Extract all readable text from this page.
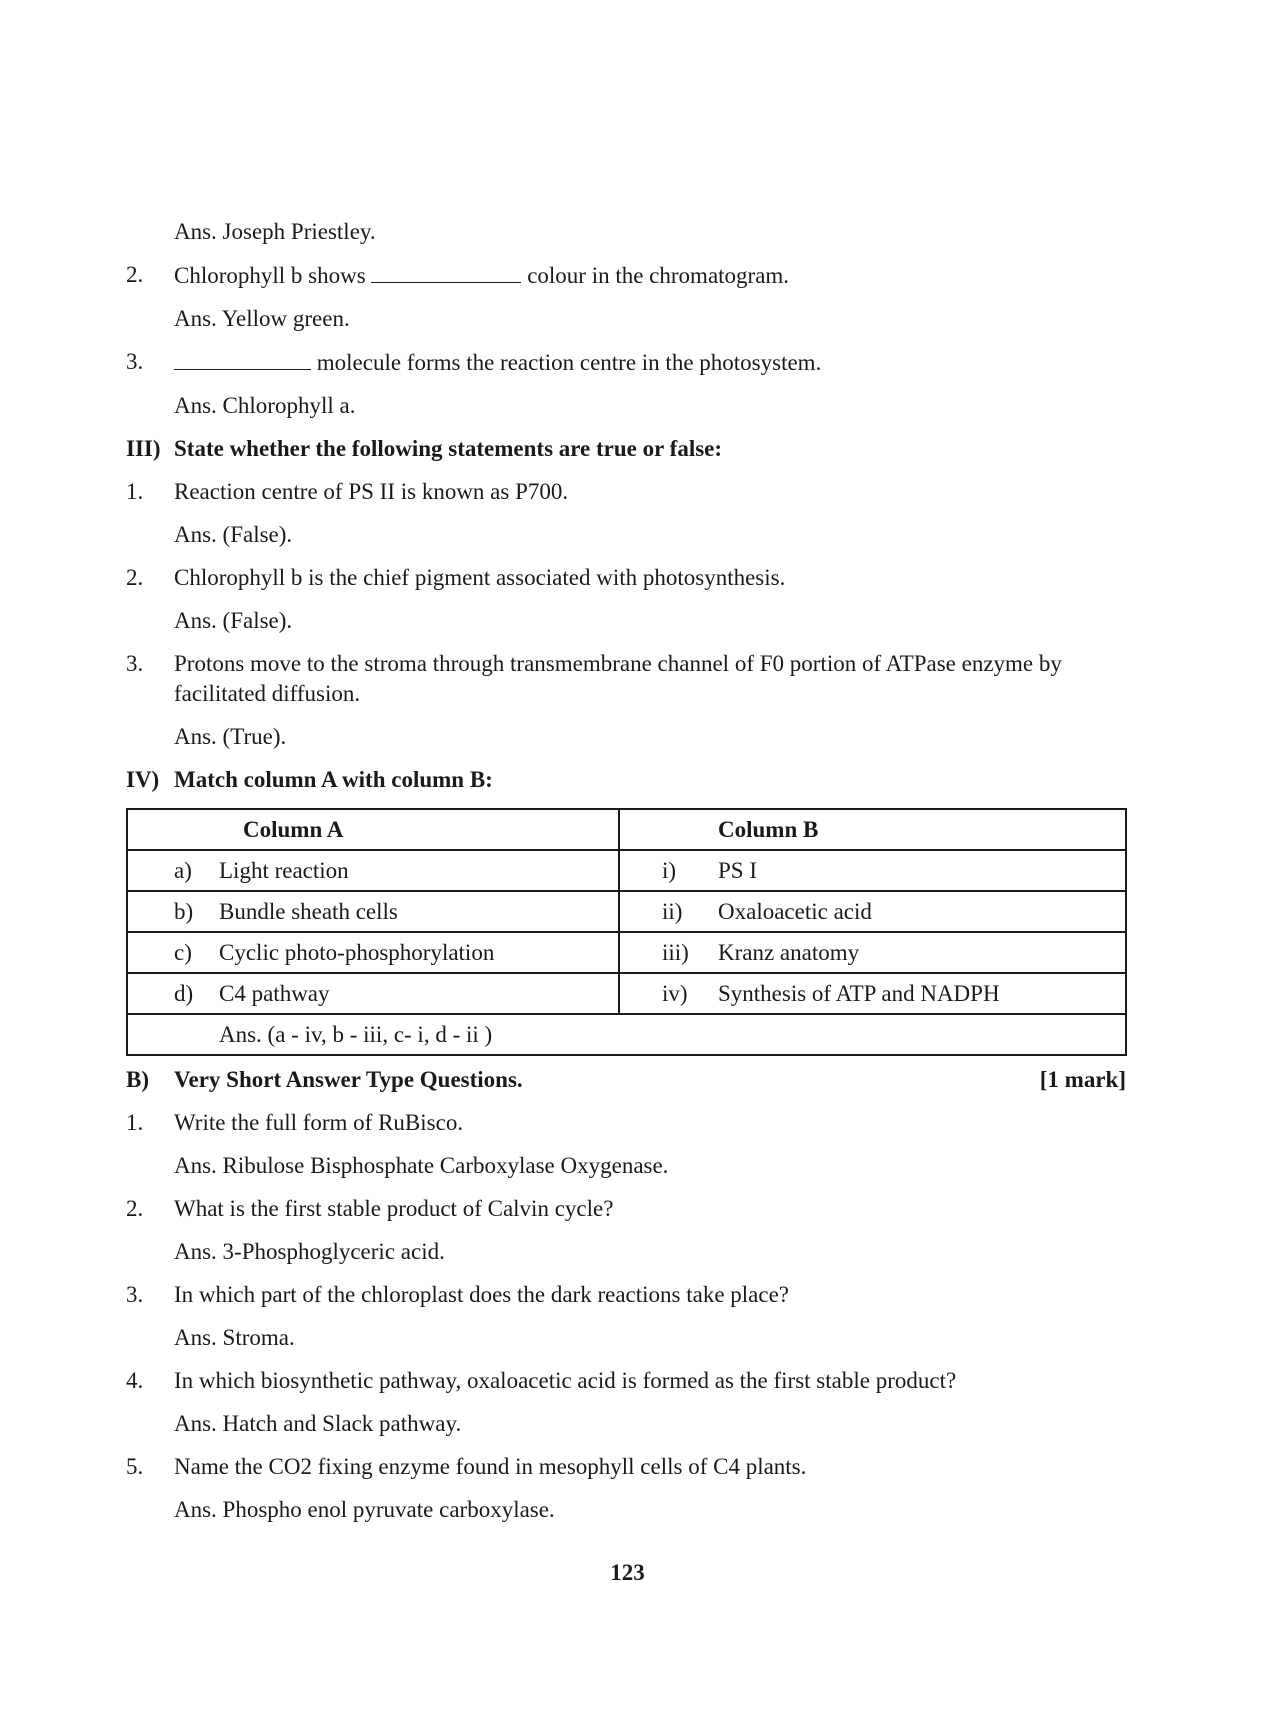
Ans. Joseph Priestley.
2.	Chlorophyll b shows	colour in the chromatogram.
Ans. Yellow green.
3.	molecule forms the reaction centre in the photosystem.
Ans. Chlorophyll a.
III) State whether the following statements are true or false:
1.	Reaction centre of PS II is known as P700.
Ans. (False).
2.	Chlorophyll b is the chief pigment associated with photosynthesis.
Ans. (False).
3.	Protons move to the stroma through transmembrane channel of F0 portion of ATPase enzyme by facilitated diffusion.
Ans. (True).
IV) Match column A with column B:
Column A	Column B

a) Light reaction	i) PS I

b) Bundle sheath cells	ii) Oxaloacetic acid

c) Cyclic photo-phosphorylation	iii) Kranz anatomy

d) C4 pathway	iv) Synthesis of ATP and NADPH

Ans. (a - iv, b - iii, c- i, d - ii )	
B)	Very Short Answer Type Questions.	[1 mark]
1.	Write the full form of RuBisco.
Ans. Ribulose Bisphosphate Carboxylase Oxygenase.
2.	What is the first stable product of Calvin cycle?
Ans. 3-Phosphoglyceric acid.
3.	In which part of the chloroplast does the dark reactions take place?
Ans. Stroma.
4.	In which biosynthetic pathway, oxaloacetic acid is formed as the first stable product?
Ans. Hatch and Slack pathway.
5.	Name the CO2 fixing enzyme found in mesophyll cells of C4 plants.
Ans. Phospho enol pyruvate carboxylase.
123
